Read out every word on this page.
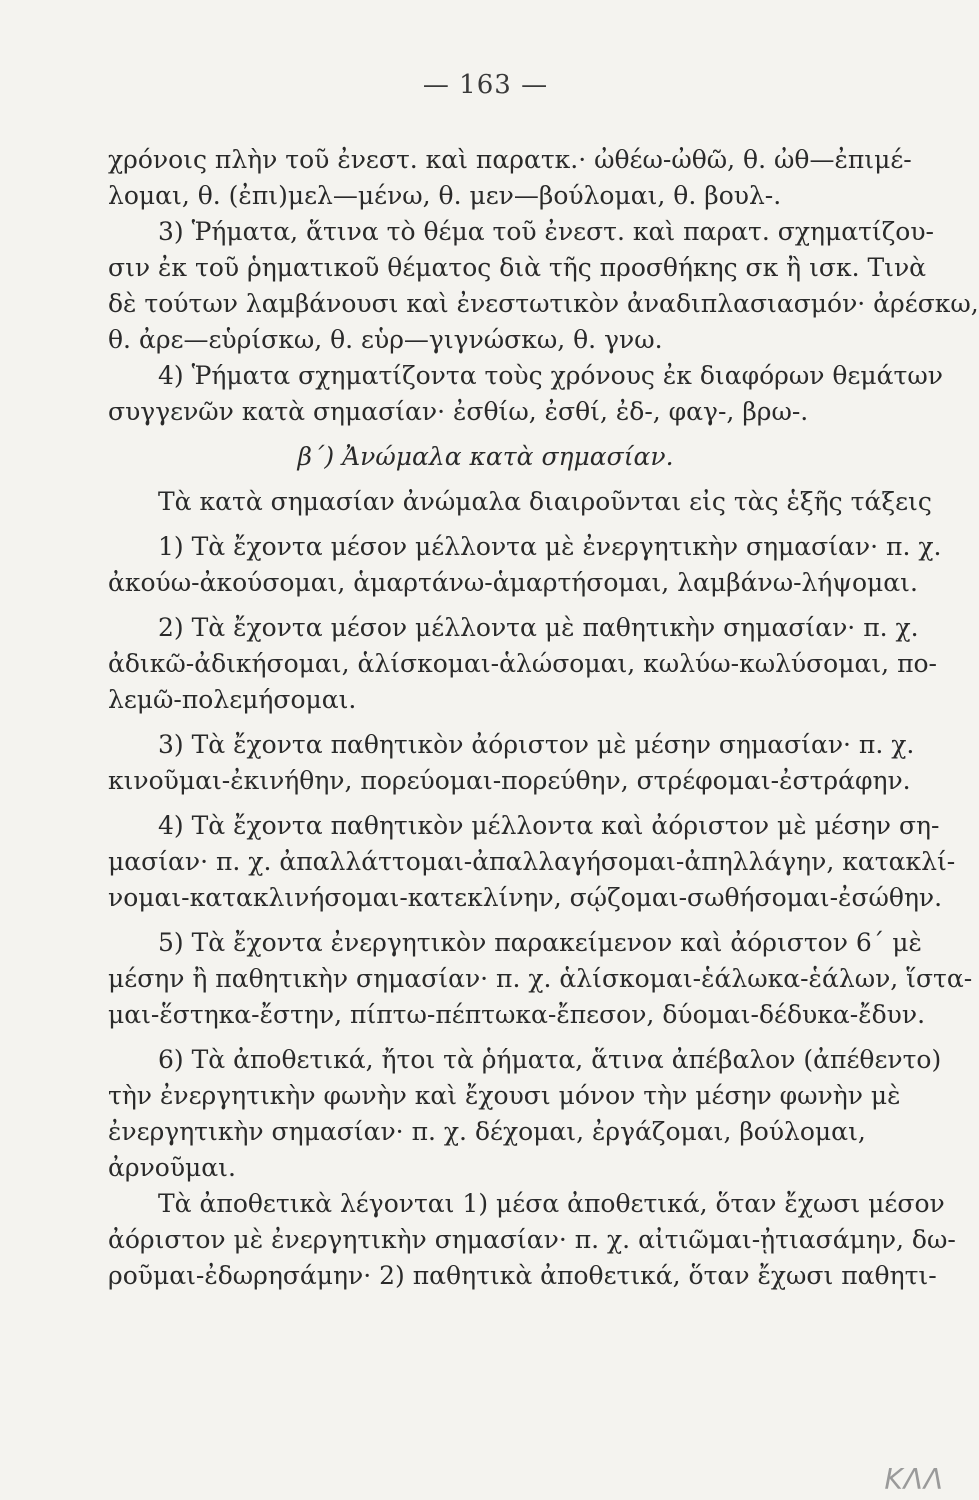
— 163 —
χρόνοις πλὴν τοῦ ἐνεστ. καὶ παρατκ.· ὠθέω-ὠθῶ, θ. ὠθ—ἐπιμέ-
λομαι, θ. (ἐπι)μελ—μένω, θ. μεν—βούλομαι, θ. βουλ-.
3) Ῥήματα, ἅτινα τὸ θέμα τοῦ ἐνεστ. καὶ παρατ. σχηματίζου-
σιν ἐκ τοῦ ῥηματικοῦ θέματος διὰ τῆς προσθήκης σκ ἢ ισκ. Τινὰ
δὲ τούτων λαμβάνουσι καὶ ἐνεστωτικὸν ἀναδιπλασιασμόν· ἀρέσκω,
θ. ἀρε—εὑρίσκω, θ. εὑρ—γιγνώσκω, θ. γνω.
4) Ῥήματα σχηματίζοντα τοὺς χρόνους ἐκ διαφόρων θεμάτων
συγγενῶν κατὰ σημασίαν· ἐσθίω, ἐσθί, ἐδ-, φαγ-, βρω-.
β΄) Ἀνώμαλα κατὰ σημασίαν.
Τὰ κατὰ σημασίαν ἀνώμαλα διαιροῦνται εἰς τὰς ἑξῆς τάξεις
1) Τὰ ἔχοντα μέσον μέλλοντα μὲ ἐνεργητικὴν σημασίαν· π. χ.
ἀκούω-ἀκούσομαι, ἁμαρτάνω-ἁμαρτήσομαι, λαμβάνω-λήψομαι.
2) Τὰ ἔχοντα μέσον μέλλοντα μὲ παθητικὴν σημασίαν· π. χ.
ἀδικῶ-ἀδικήσομαι, ἁλίσκομαι-ἁλώσομαι, κωλύω-κωλύσομαι, πο-
λεμῶ-πολεμήσομαι.
3) Τὰ ἔχοντα παθητικὸν ἀόριστον μὲ μέσην σημασίαν· π. χ.
κινοῦμαι-ἐκινήθην, πορεύομαι-πορεύθην, στρέφομαι-ἐστράφην.
4) Τὰ ἔχοντα παθητικὸν μέλλοντα καὶ ἀόριστον μὲ μέσην ση-
μασίαν· π. χ. ἀπαλλάττομαι-ἀπαλλαγήσομαι-ἀπηλλάγην, κατακλί-
νομαι-κατακλινήσομαι-κατεκλίνην, σῴζομαι-σωθήσομαι-ἐσώθην.
5) Τὰ ἔχοντα ἐνεργητικὸν παρακείμενον καὶ ἀόριστον 6΄ μὲ
μέσην ἢ παθητικὴν σημασίαν· π. χ. ἁλίσκομαι-ἑάλωκα-ἑάλων, ἵστα-
μαι-ἕστηκα-ἔστην, πίπτω-πέπτωκα-ἔπεσον, δύομαι-δέδυκα-ἔδυν.
6) Τὰ ἀποθετικά, ἤτοι τὰ ῥήματα, ἅτινα ἀπέβαλον (ἀπέθεντο)
τὴν ἐνεργητικὴν φωνὴν καὶ ἔχουσι μόνον τὴν μέσην φωνὴν μὲ
ἐνεργητικὴν σημασίαν· π. χ. δέχομαι, ἐργάζομαι, βούλομαι,
ἀρνοῦμαι.
Τὰ ἀποθετικὰ λέγονται 1) μέσα ἀποθετικά, ὅταν ἔχωσι μέσον
ἀόριστον μὲ ἐνεργητικὴν σημασίαν· π. χ. αἰτιῶμαι-ᾐτιασάμην, δω-
ροῦμαι-ἐδωρησάμην· 2) παθητικὰ ἀποθετικά, ὅταν ἔχωσι παθητι-
ΚΛΛ
